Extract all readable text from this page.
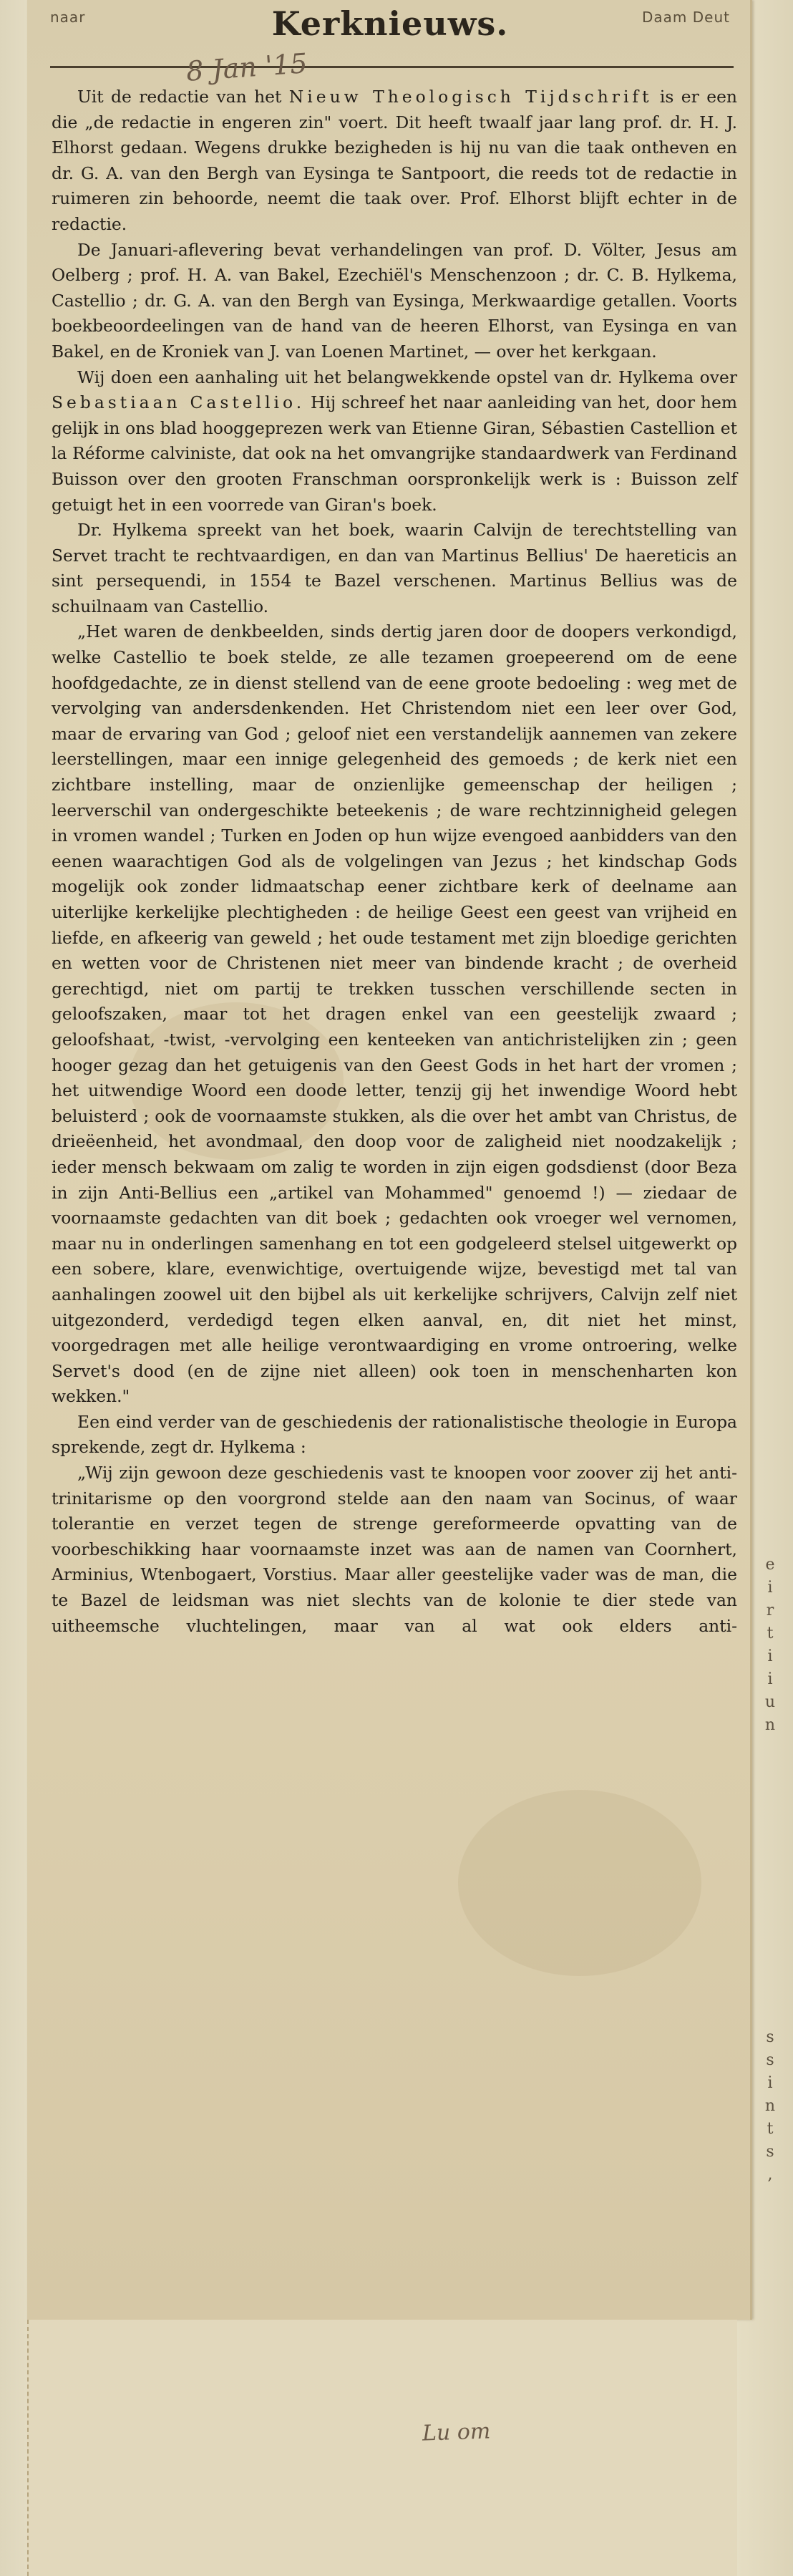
naar	Daam Deut
Kerknieuws.
8 Jan '15

Uit de redactie van het Nieuw Theologisch Tijdschrift is er een die „de redactie in engeren zin" voert. Dit heeft twaalf jaar lang prof. dr. H. J. Elhorst gedaan. Wegens drukke bezigheden is hij nu van die taak ontheven en dr. G. A. van den Bergh van Eysinga te Santpoort, die reeds tot de redactie in ruimeren zin behoorde, neemt die taak over. Prof. Elhorst blijft echter in de redactie.

De Januari-aflevering bevat verhandelingen van prof. D. Völter, Jesus am Oelberg ; prof. H. A. van Bakel, Ezechiël's Menschenzoon ; dr. C. B. Hylkema, Castellio ; dr. G. A. van den Bergh van Eysinga, Merkwaardige getallen. Voorts boekbeoordeelingen van de hand van de heeren Elhorst, van Eysinga en van Bakel, en de Kroniek van J. van Loenen Martinet, — over het kerkgaan.

Wij doen een aanhaling uit het belangwekkende opstel van dr. Hylkema over Sebastiaan Castellio. Hij schreef het naar aanleiding van het, door hem gelijk in ons blad hooggeprezen werk van Etienne Giran, Sébastien Castellion et la Réforme calviniste, dat ook na het omvangrijke standaardwerk van Ferdinand Buisson over den grooten Franschman oorspronkelijk werk is : Buisson zelf getuigt het in een voorrede van Giran's boek.

Dr. Hylkema spreekt van het boek, waarin Calvijn de terechtstelling van Servet tracht te rechtvaardigen, en dan van Martinus Bellius' De haereticis an sint persequendi, in 1554 te Bazel verschenen. Martinus Bellius was de schuilnaam van Castellio.

„Het waren de denkbeelden, sinds dertig jaren door de doopers verkondigd, welke Castellio te boek stelde, ze alle tezamen groepeerend om de eene hoofdgedachte, ze in dienst stellend van de eene groote bedoeling : weg met de vervolging van andersdenkenden. Het Christendom niet een leer over God, maar de ervaring van God ; geloof niet een verstandelijk aannemen van zekere leerstellingen, maar een innige gelegenheid des gemoeds ; de kerk niet een zichtbare instelling, maar de onzienlijke gemeenschap der heiligen ; leerverschil van ondergeschikte beteekenis ; de ware rechtzinnigheid gelegen in vromen wandel ; Turken en Joden op hun wijze evengoed aanbidders van den eenen waarachtigen God als de volgelingen van Jezus ; het kindschap Gods mogelijk ook zonder lidmaatschap eener zichtbare kerk of deelname aan uiterlijke kerkelijke plechtigheden : de heilige Geest een geest van vrijheid en liefde, en afkeerig van geweld ; het oude testament met zijn bloedige gerichten en wetten voor de Christenen niet meer van bindende kracht ; de overheid gerechtigd, niet om partij te trekken tusschen verschillende secten in geloofszaken, maar tot het dragen enkel van een geestelijk zwaard ; geloofshaat, -twist, -vervolging een kenteeken van antichristelijken zin ; geen hooger gezag dan het getuigenis van den Geest Gods in het hart der vromen ; het uitwendige Woord een doode letter, tenzij gij het inwendige Woord hebt beluisterd ; ook de voornaamste stukken, als die over het ambt van Christus, de drieëenheid, het avondmaal, den doop voor de zaligheid niet noodzakelijk ; ieder mensch bekwaam om zalig te worden in zijn eigen godsdienst (door Beza in zijn Anti-Bellius een „artikel van Mohammed" genoemd !) — ziedaar de voornaamste gedachten van dit boek ; gedachten ook vroeger wel vernomen, maar nu in onderlingen samenhang en tot een godgeleerd stelsel uitgewerkt op een sobere, klare, evenwichtige, overtuigende wijze, bevestigd met tal van aanhalingen zoowel uit den bijbel als uit kerkelijke schrijvers, Calvijn zelf niet uitgezonderd, verdedigd tegen elken aanval, en, dit niet het minst, voorgedragen met alle heilige verontwaardiging en vrome ontroering, welke Servet's dood (en de zijne niet alleen) ook toen in menschenharten kon wekken."

Een eind verder van de geschiedenis der rationalistische theologie in Europa sprekende, zegt dr. Hylkema :

„Wij zijn gewoon deze geschiedenis vast te knoopen voor zoover zij het anti-trinitarisme op den voorgrond stelde aan den naam van Socinus, of waar tolerantie en verzet tegen de strenge gereformeerde opvatting van de voorbeschikking haar voornaamste inzet was aan de namen van Coornhert, Arminius, Wtenbogaert, Vorstius. Maar aller geestelijke vader was de man, die te Bazel de leidsman was niet slechts van de kolonie te dier stede van uitheemsche vluchtelingen, maar van al wat ook elders anti-

e
i
r
t
i
i
u
n
s
s
i
n
t
s
,
Lu om
